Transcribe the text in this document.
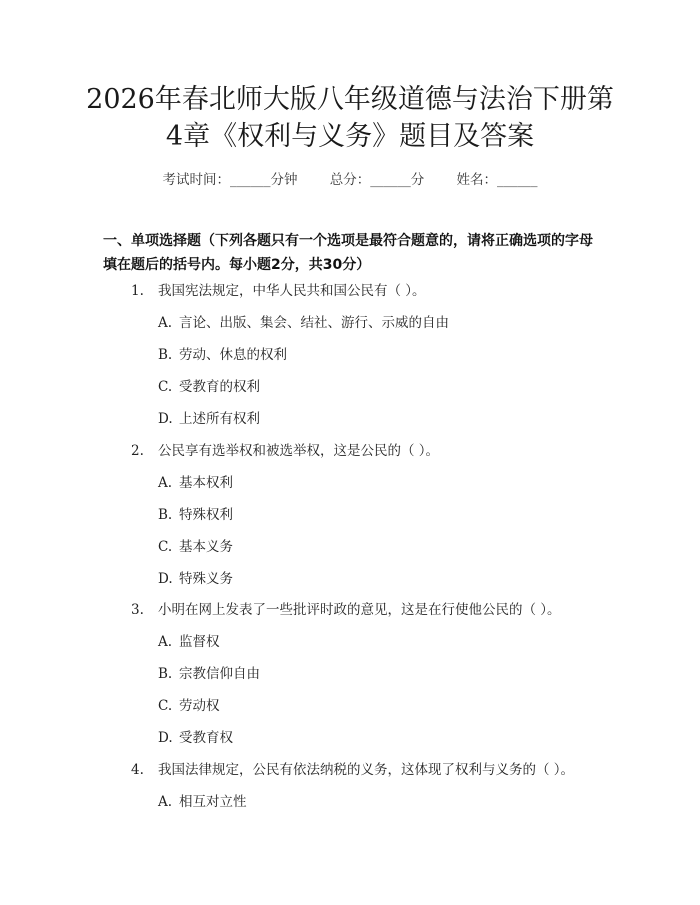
2026年春北师大版八年级道德与法治下册第
4章《权利与义务》题目及答案
考试时间：______分钟 总分：______分 姓名：______
一、单项选择题（下列各题只有一个选项是最符合题意的，请将正确选项的字母
填在题后的括号内。每小题2分，共30分）
1. 我国宪法规定，中华人民共和国公民有（ ）。
A. 言论、出版、集会、结社、游行、示威的自由
B. 劳动、休息的权利
C. 受教育的权利
D. 上述所有权利
2. 公民享有选举权和被选举权，这是公民的（ ）。
A. 基本权利
B. 特殊权利
C. 基本义务
D. 特殊义务
3. 小明在网上发表了一些批评时政的意见，这是在行使他公民的（ ）。
A. 监督权
B. 宗教信仰自由
C. 劳动权
D. 受教育权
4. 我国法律规定，公民有依法纳税的义务，这体现了权利与义务的（ ）。
A. 相互对立性
